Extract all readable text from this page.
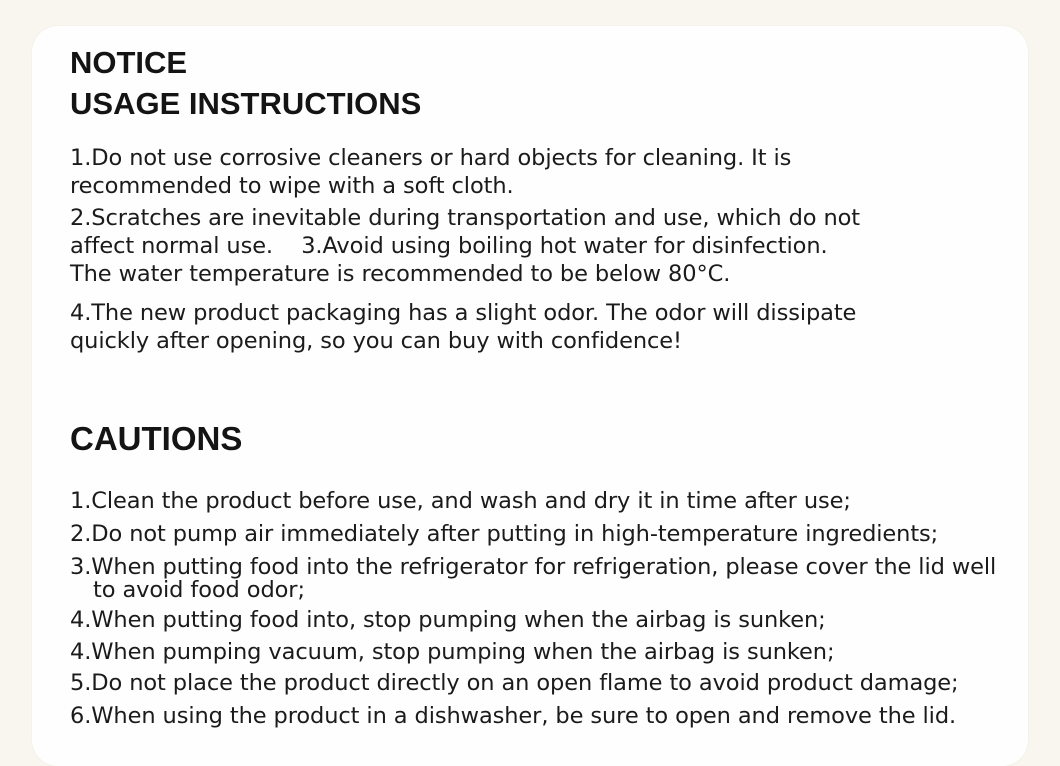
NOTICE
USAGE INSTRUCTIONS

1.Do not use corrosive cleaners or hard objects for cleaning. It is
recommended to wipe with a soft cloth.

2.Scratches are inevitable during transportation and use, which do not
affect normal use.    3.Avoid using boiling hot water for disinfection.
The water temperature is recommended to be below 80°C.

4.The new product packaging has a slight odor. The odor will dissipate
quickly after opening, so you can buy with confidence!

CAUTIONS

1.Clean the product before use, and wash and dry it in time after use;

2.Do not pump air immediately after putting in high-temperature ingredients;

3.When putting food into the refrigerator for refrigeration, please cover the lid well
to avoid food odor;

4.When putting food into, stop pumping when the airbag is sunken;

4.When pumping vacuum, stop pumping when the airbag is sunken;

5.Do not place the product directly on an open flame to avoid product damage;

6.When using the product in a dishwasher, be sure to open and remove the lid.
